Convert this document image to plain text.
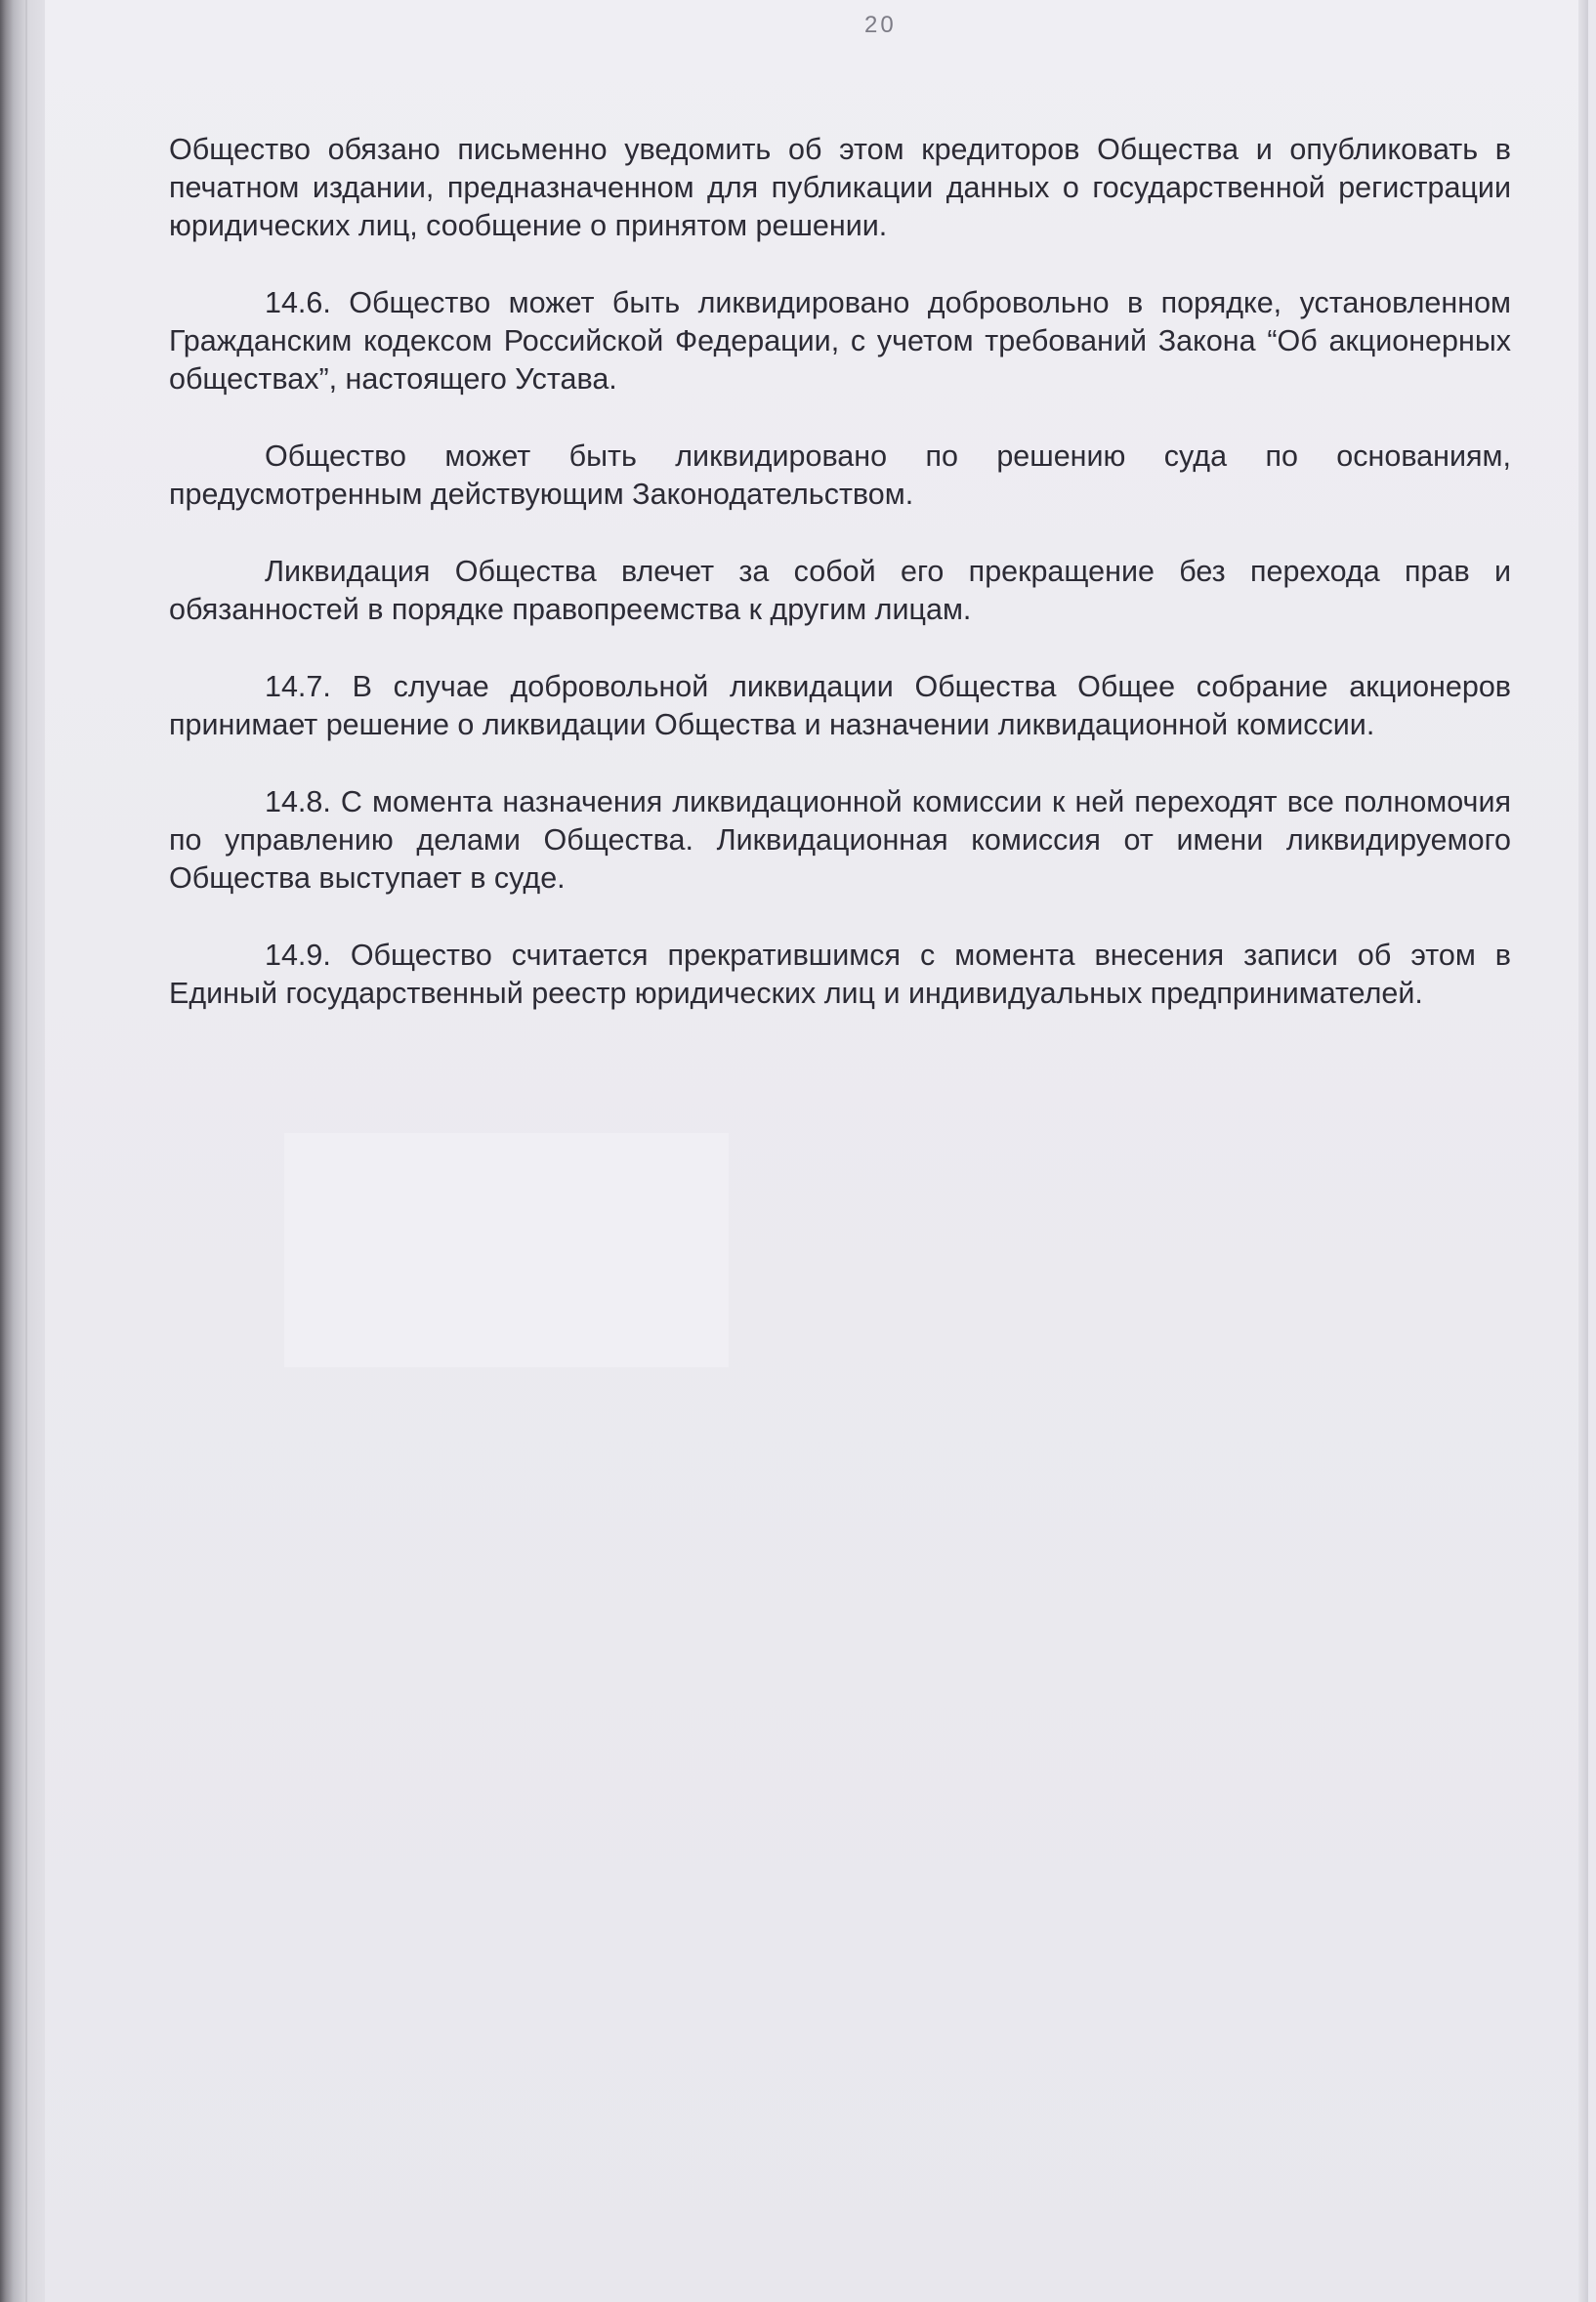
20

Общество обязано письменно уведомить об этом кредиторов Общества и опубликовать в печатном издании, предназначенном для публикации данных о государственной регистрации юридических лиц, сообщение о принятом решении.

14.6. Общество может быть ликвидировано добровольно в порядке, установленном Гражданским кодексом Российской Федерации, с учетом требований Закона “Об акционерных обществах”, настоящего Устава.

Общество может быть ликвидировано по решению суда по основаниям, предусмотренным действующим Законодательством.

Ликвидация Общества влечет за собой его прекращение без перехода прав и обязанностей в порядке правопреемства к другим лицам.

14.7. В случае добровольной ликвидации Общества Общее собрание акционеров принимает решение о ликвидации Общества и назначении ликвидационной комиссии.

14.8. С момента назначения ликвидационной комиссии к ней переходят все полномочия по управлению делами Общества. Ликвидационная комиссия от имени ликвидируемого Общества выступает в суде.

14.9. Общество считается прекратившимся с момента внесения записи об этом в Единый государственный реестр юридических лиц и индивидуальных предпринимателей.
